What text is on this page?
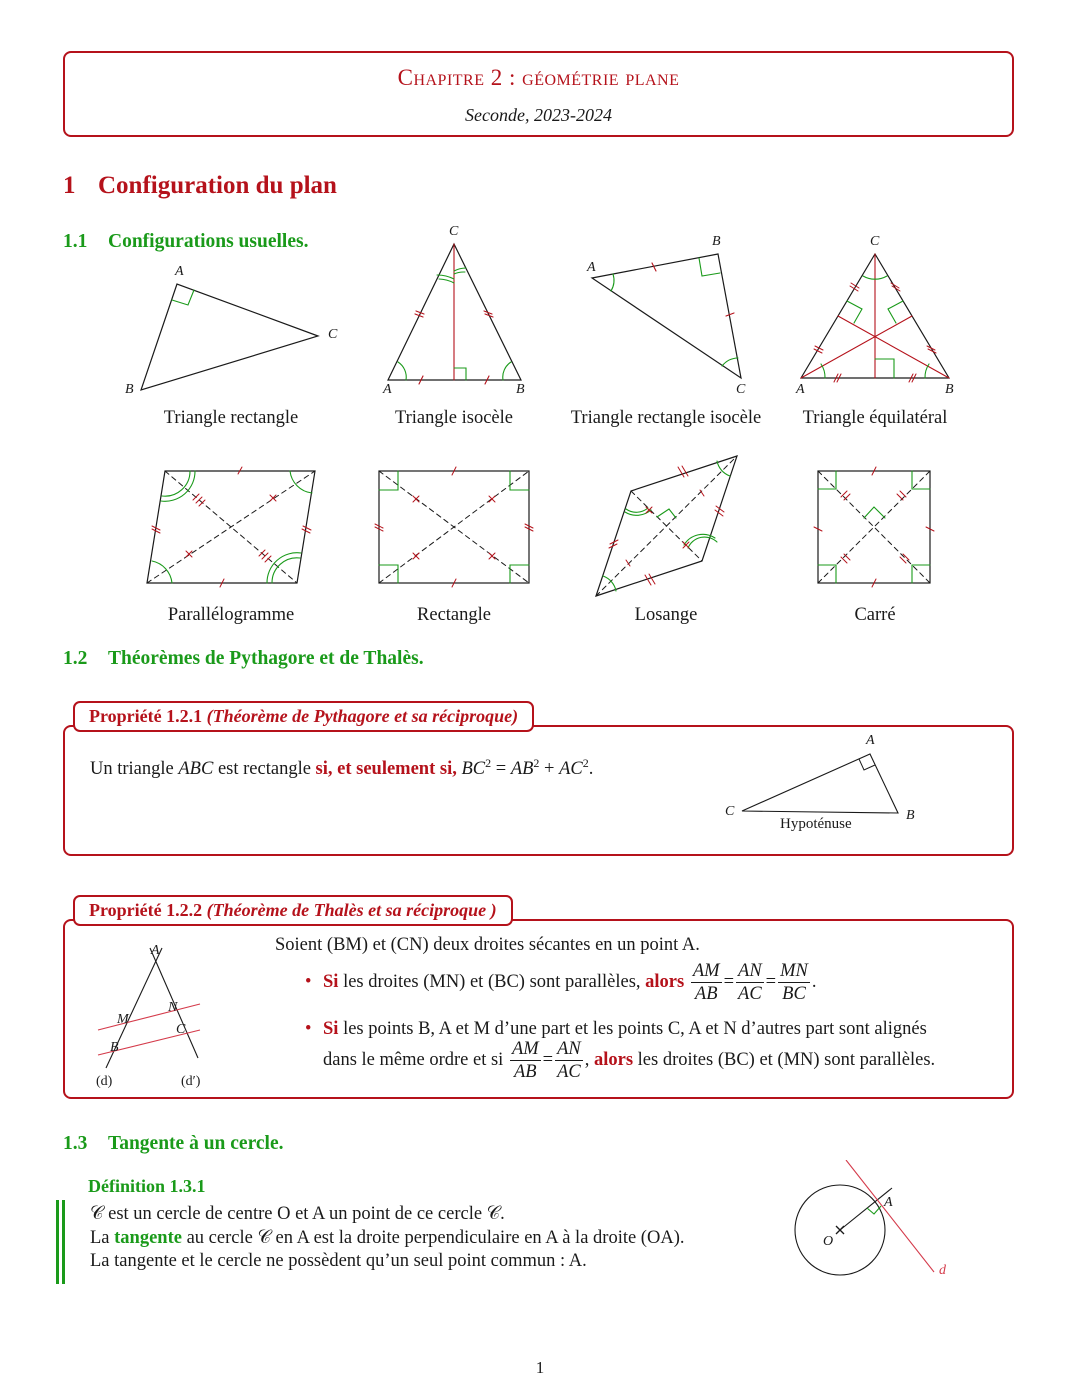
Chapitre 2 : géométrie plane
Seconde, 2023-2024
1 Configuration du plan
1.1 Configurations usuelles.
A
B
C
C
A	B
A
B
C
C
A	B
Triangle rectangle	Triangle isocèle	Triangle rectangle isocèle	Triangle équilatéral
Parallélogramme	Rectangle	Losange	Carré
1.2 Théorèmes de Pythagore et de Thalès.
Propriété 1.2.1 (Théorème de Pythagore et sa réciproque)
Un triangle ABC est rectangle si, et seulement si, $BC^2 = AB^2 + AC^2$.
A
B
C
Hypoténuse
Propriété 1.2.2 (Théorème de Thalès et sa réciproque )
A
M
N
B
C
(d)	(d′)
Soient (BM) et (CN) deux droites sécantes en un point A.
• Si les droites (MN) et (BC) sont parallèles, alors $\frac{AM}{AB} = \frac{AN}{AC} = \frac{MN}{BC}$ .
• Si les points B, A et M d’une part et les points C, A et N d’autres part sont alignés
dans le même ordre et si $\frac{AM}{AB} = \frac{AN}{AC}$ , alors les droites (BC) et (MN) sont parallèles.
1.3 Tangente à un cercle.
Définition 1.3.1
𝒞 est un cercle de centre O et A un point de ce cercle 𝒞.
La tangente au cercle 𝒞 en A est la droite perpendiculaire en A à la droite (OA).
La tangente et le cercle ne possèdent qu’un seul point commun : A.
A
O
d
1
